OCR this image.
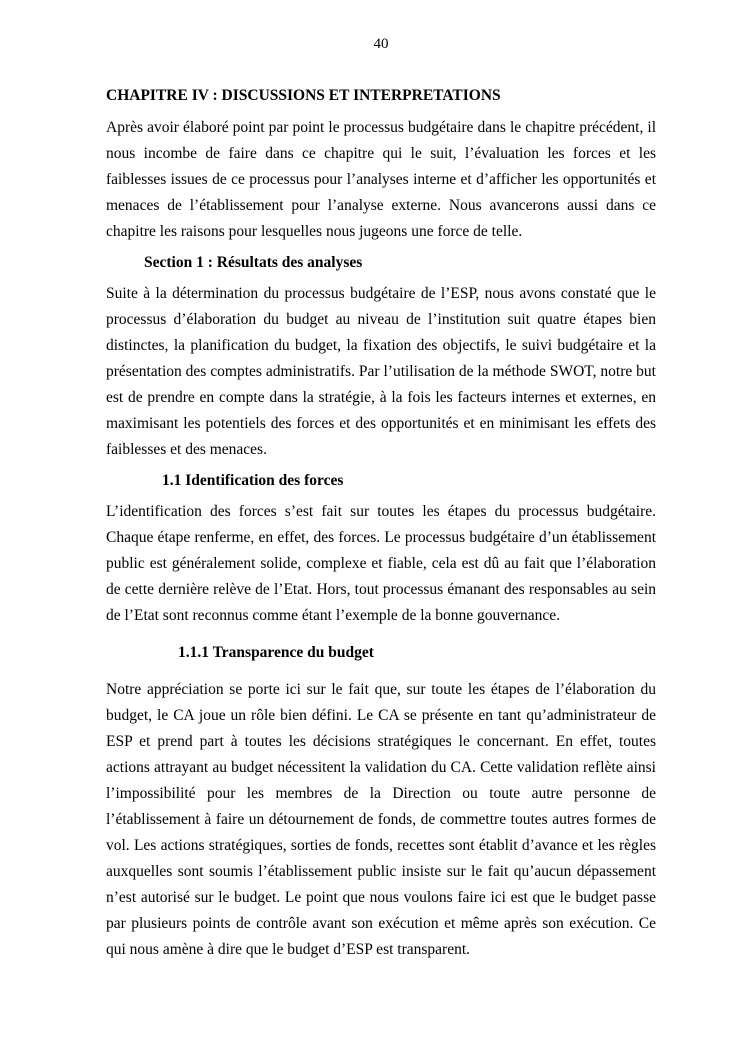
40
CHAPITRE IV : DISCUSSIONS ET INTERPRETATIONS

Après avoir élaboré point par point le processus budgétaire dans le chapitre précédent, il nous incombe de faire dans ce chapitre qui le suit, l’évaluation les forces et les faiblesses issues de ce processus pour l’analyses interne et d’afficher les opportunités et menaces de l’établissement pour l’analyse externe. Nous avancerons aussi dans ce chapitre les raisons pour lesquelles nous jugeons une force de telle.

Section 1 : Résultats des analyses

Suite à la détermination du processus budgétaire de l’ESP, nous avons constaté que le processus d’élaboration du budget au niveau de l’institution suit quatre étapes bien distinctes, la planification du budget, la fixation des objectifs, le suivi budgétaire et la présentation des comptes administratifs. Par l’utilisation de la méthode SWOT, notre but est de prendre en compte dans la stratégie, à la fois les facteurs internes et externes, en maximisant les potentiels des forces et des opportunités et en minimisant les effets des faiblesses et des menaces.

1.1 Identification des forces

L’identification des forces s’est fait sur toutes les étapes du processus budgétaire. Chaque étape renferme, en effet, des forces. Le processus budgétaire d’un établissement public est généralement solide, complexe et fiable, cela est dû au fait que l’élaboration de cette dernière relève de l’Etat. Hors, tout processus émanant des responsables au sein de l’Etat sont reconnus comme étant l’exemple de la bonne gouvernance.

1.1.1 Transparence du budget

Notre appréciation se porte ici sur le fait que, sur toute les étapes de l’élaboration du budget, le CA joue un rôle bien défini. Le CA se présente en tant qu’administrateur de ESP et prend part à toutes les décisions stratégiques le concernant. En effet, toutes actions attrayant au budget nécessitent la validation du CA. Cette validation reflète ainsi l’impossibilité pour les membres de la Direction ou toute autre personne de l’établissement à faire un détournement de fonds, de commettre toutes autres formes de vol. Les actions stratégiques, sorties de fonds, recettes sont établit d’avance et les règles auxquelles sont soumis l’établissement public insiste sur le fait qu’aucun dépassement n’est autorisé sur le budget. Le point que nous voulons faire ici est que le budget passe par plusieurs points de contrôle avant son exécution et même après son exécution. Ce qui nous amène à dire que le budget d’ESP est transparent.
